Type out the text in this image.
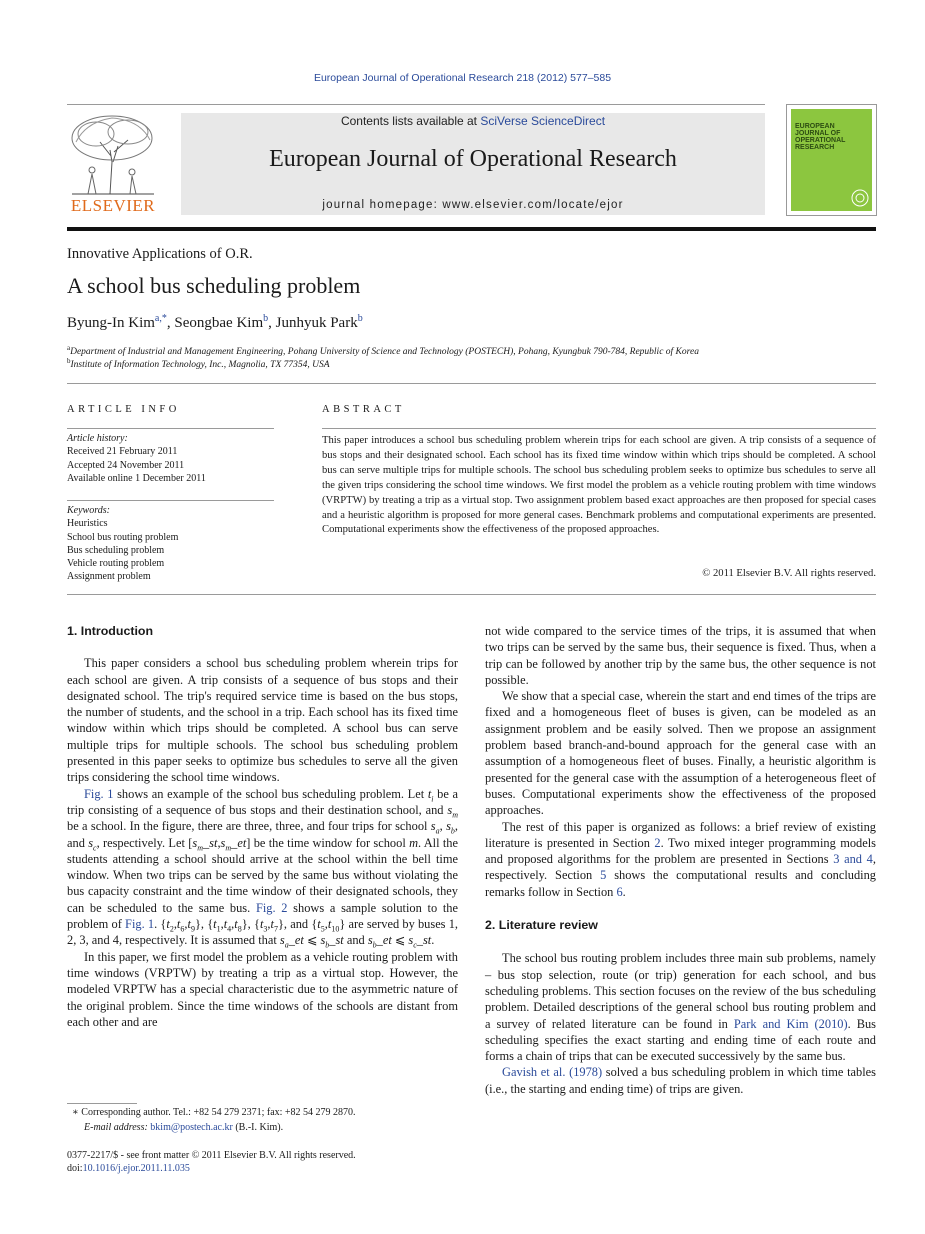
European Journal of Operational Research 218 (2012) 577–585
ELSEVIER
Contents lists available at SciVerse ScienceDirect
European Journal of Operational Research
journal homepage: www.elsevier.com/locate/ejor
EUROPEAN JOURNAL OF OPERATIONAL RESEARCH
Innovative Applications of O.R.
A school bus scheduling problem
Byung-In Kim$^{a,*}$, Seongbae Kim$^b$, Junhyuk Park$^b$
$^a$Department of Industrial and Management Engineering, Pohang University of Science and Technology (POSTECH), Pohang, Kyungbuk 790-784, Republic of Korea
$^b$Institute of Information Technology, Inc., Magnolia, TX 77354, USA
ARTICLE INFO
Article history:
Received 21 February 2011
Accepted 24 November 2011
Available online 1 December 2011
Keywords:
Heuristics
School bus routing problem
Bus scheduling problem
Vehicle routing problem
Assignment problem
ABSTRACT
This paper introduces a school bus scheduling problem wherein trips for each school are given. A trip consists of a sequence of bus stops and their designated school. Each school has its fixed time window within which trips should be completed. A school bus can serve multiple trips for multiple schools. The school bus scheduling problem seeks to optimize bus schedules to serve all the given trips considering the school time windows. We first model the problem as a vehicle routing problem with time windows (VRPTW) by treating a trip as a virtual stop. Two assignment problem based exact approaches are then proposed for special cases and a heuristic algorithm is proposed for more general cases. Benchmark problems and computational experiments are presented. Computational experiments show the effectiveness of the proposed approaches.
© 2011 Elsevier B.V. All rights reserved.
1. Introduction

This paper considers a school bus scheduling problem wherein trips for each school are given. A trip consists of a sequence of bus stops and their designated school. The trip's required service time is based on the bus stops, the number of students, and the school in a trip. Each school has its fixed time window within which trips should be completed. A school bus can serve multiple trips for multiple schools. The school bus scheduling problem presented in this paper seeks to optimize bus schedules to serve all the given trips considering the school time windows.

Fig. 1 shows an example of the school bus scheduling problem. Let $t_i$ be a trip consisting of a sequence of bus stops and their destination school, and $s_m$ be a school. In the figure, there are three, three, and four trips for school $s_a$, $s_b$, and $s_c$, respectively. Let $[s_m\_st,s_m\_et]$ be the time window for school m. All the students attending a school should arrive at the school within the bell time window. When two trips can be served by the same bus without violating the bus capacity constraint and the time window of their designated schools, they can be scheduled to the same bus. Fig. 2 shows a sample solution to the problem of Fig. 1. $\{t_2,t_6,t_9\}$, $\{t_1,t_4,t_8\}$, $\{t_3,t_7\}$, and $\{t_5,t_{10}\}$ are served by buses 1, 2, 3, and 4, respectively. It is assumed that $s_a\_et$ ⩽ $s_b\_st$ and $s_b\_et$ ⩽ $s_c\_st$.

In this paper, we first model the problem as a vehicle routing problem with time windows (VRPTW) by treating a trip as a virtual stop. However, the modeled VRPTW has a special characteristic due to the asymmetric nature of the original problem. Since the time windows of the schools are distant from each other and are

∗ Corresponding author. Tel.: +82 54 279 2371; fax: +82 54 279 2870.
E-mail address: bkim@postech.ac.kr (B.-I. Kim).
0377-2217/$ - see front matter © 2011 Elsevier B.V. All rights reserved.
doi:10.1016/j.ejor.2011.11.035

not wide compared to the service times of the trips, it is assumed that when two trips can be served by the same bus, their sequence is fixed. Thus, when a trip can be followed by another trip by the same bus, the other sequence is not possible.

We show that a special case, wherein the start and end times of the trips are fixed and a homogeneous fleet of buses is given, can be modeled as an assignment problem and be easily solved. Then we propose an assignment problem based branch-and-bound approach for the general case with an assumption of a homogeneous fleet of buses. Finally, a heuristic algorithm is presented for the general case with the assumption of a heterogeneous fleet of buses. Computational experiments show the effectiveness of the proposed approaches.

The rest of this paper is organized as follows: a brief review of existing literature is presented in Section 2. Two mixed integer programming models and proposed algorithms for the problem are presented in Sections 3 and 4, respectively. Section 5 shows the computational results and concluding remarks follow in Section 6.

2. Literature review

The school bus routing problem includes three main sub problems, namely – bus stop selection, route (or trip) generation for each school, and bus scheduling problems. This section focuses on the review of the bus scheduling problem. Detailed descriptions of the general school bus routing problem and a survey of related literature can be found in Park and Kim (2010). Bus scheduling specifies the exact starting and ending time of each route and forms a chain of trips that can be executed successively by the same bus.

Gavish et al. (1978) solved a bus scheduling problem in which time tables (i.e., the starting and ending time) of trips are given.
